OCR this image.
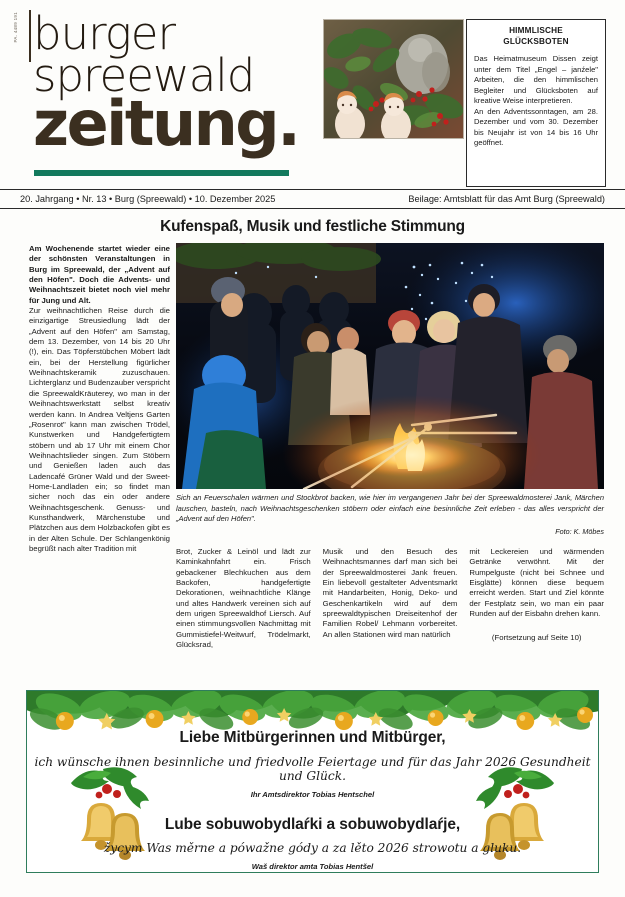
PA. 4489 191 burger
spreewald
zeitung.
HIMMLISCHE
GLÜCKSBOTEN

Das Heimatmuseum Dissen zeigt unter dem Titel „Engel – janźele" Arbeiten, die den himmlischen Begleiter und Glücksboten auf kreative Weise interpretieren.

An den Adventssonntagen, am 28. Dezember und vom 30. Dezember bis Neujahr ist von 14 bis 16 Uhr geöffnet.

20. Jahrgang • Nr. 13 • Burg (Spreewald) • 10. Dezember 2025	Beilage: Amtsblatt für das Amt Burg (Spreewald)
Kufenspaß, Musik und festliche Stimmung

Am Wochenende startet wieder eine der schönsten Veranstaltungen in Burg im Spreewald, der „Advent auf den Höfen". Doch die Advents- und Weihnachtszeit bietet noch viel mehr für Jung und Alt.

Zur weihnachtlichen Reise durch die einzigartige Streusiedlung lädt der „Advent auf den Höfen" am Samstag, dem 13. Dezember, von 14 bis 20 Uhr (!), ein. Das Töpferstübchen Möbert lädt ein, bei der Herstellung figürlicher Weihnachtskeramik zuzuschauen. Lichterglanz und Budenzauber verspricht die SpreewaldKräuterey, wo man in der Weihnachtswerkstatt selbst kreativ werden kann. In Andrea Veltjens Garten „Rosenrot" kann man zwischen Trödel, Kunstwerken und Handgefertigtem stöbern und ab 17 Uhr mit einem Chor Weihnachtslieder singen. Zum Stöbern und Genießen laden auch das Ladencafé Grüner Wald und der Sweet-Home-Landladen ein; so findet man sicher noch das ein oder andere Weihnachtsgeschenk. Genuss- und Kunsthandwerk, Märchenstube und Plätzchen aus dem Holzbackofen gibt es in der Alten Schule. Der Schlangenkönig begrüßt nach alter Tradition mit

Sich an Feuerschalen wärmen und Stockbrot backen, wie hier im vergangenen Jahr bei der Spreewaldmosterei Jank, Märchen lauschen, basteln, nach Weihnachtsgeschenken stöbern oder einfach eine besinnliche Zeit erleben - das alles verspricht der „Advent auf den Höfen".
Foto: K. Möbes

Brot, Zucker & Leinöl und lädt zur Kaminkahnfahrt ein. Frisch gebackener Blechkuchen aus dem Backofen, handgefertigte Dekorationen, weihnachtliche Klänge und altes Handwerk vereinen sich auf dem urigen Spreewaldhof Liersch. Auf einen stimmungsvollen Nachmittag mit Gummistiefel-Weitwurf, Trödelmarkt, Glücksrad,

Musik und den Besuch des Weihnachtsmannes darf man sich bei der Spreewaldmosterei Jank freuen. Ein liebevoll gestalteter Adventsmarkt mit Handarbeiten, Honig, Deko- und Geschenkartikeln wird auf dem spreewaldtypischen Dreiseitenhof der Familien Robel/ Lehmann vorbereitet. An allen Stationen wird man natürlich

mit Leckereien und wärmenden Getränke verwöhnt. Mit der Rumpelguste (nicht bei Schnee und Eisglätte) können diese bequem erreicht werden. Start und Ziel könnte der Festplatz sein, wo man ein paar Runden auf der Eisbahn drehen kann.

(Fortsetzung auf Seite 10)
Liebe Mitbürgerinnen und Mitbürger,
ich wünsche ihnen besinnliche und friedvolle Feiertage und für das Jahr 2026 Gesundheit und Glück.
Ihr Amtsdirektor Tobias Hentschel
Lube sobuwobydlaŕki a sobuwobydlaŕje,
žycym Was měrne a pówažne gódy a za lěto 2026 strowotu a gluku.
Waš direktor amta Tobias Hentšel
